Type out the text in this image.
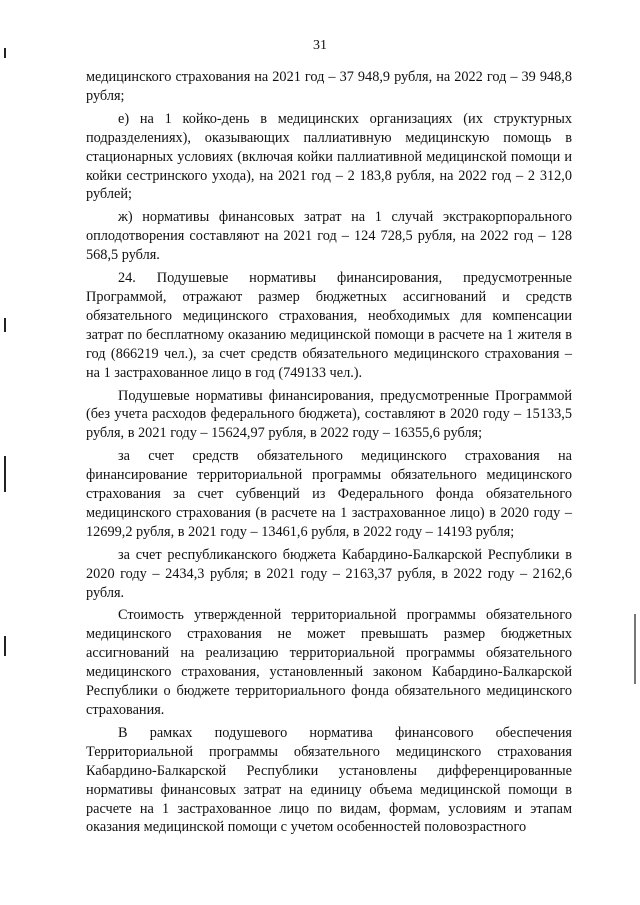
31

медицинского страхования на 2021 год – 37 948,9 рубля, на 2022 год – 39 948,8 рубля;

е) на 1 койко-день в медицинских организациях (их структурных подразделениях), оказывающих паллиативную медицинскую помощь в стационарных условиях (включая койки паллиативной медицинской помощи и койки сестринского ухода), на 2021 год – 2 183,8 рубля, на 2022 год – 2 312,0 рублей;

ж) нормативы финансовых затрат на 1 случай экстракорпорального оплодотворения составляют на 2021 год – 124 728,5 рубля, на 2022 год – 128 568,5 рубля.

24. Подушевые нормативы финансирования, предусмотренные Программой, отражают размер бюджетных ассигнований и средств обязательного медицинского страхования, необходимых для компенсации затрат по бесплатному оказанию медицинской помощи в расчете на 1 жителя в год (866219 чел.), за счет средств обязательного медицинского страхования – на 1 застрахованное лицо в год (749133 чел.).

Подушевые нормативы финансирования, предусмотренные Программой (без учета расходов федерального бюджета), составляют в 2020 году – 15133,5 рубля, в 2021 году – 15624,97 рубля, в 2022 году – 16355,6 рубля;

за счет средств обязательного медицинского страхования на финансирование территориальной программы обязательного медицинского страхования за счет субвенций из Федерального фонда обязательного медицинского страхования (в расчете на 1 застрахованное лицо) в 2020 году – 12699,2 рубля, в 2021 году – 13461,6 рубля, в 2022 году – 14193 рубля;

за счет республиканского бюджета Кабардино-Балкарской Республики в 2020 году – 2434,3 рубля; в 2021 году – 2163,37 рубля, в 2022 году – 2162,6 рубля.

Стоимость утвержденной территориальной программы обязательного медицинского страхования не может превышать размер бюджетных ассигнований на реализацию территориальной программы обязательного медицинского страхования, установленный законом Кабардино-Балкарской Республики о бюджете территориального фонда обязательного медицинского страхования.

В рамках подушевого норматива финансового обеспечения Территориальной программы обязательного медицинского страхования Кабардино-Балкарской Республики установлены дифференцированные нормативы финансовых затрат на единицу объема медицинской помощи в расчете на 1 застрахованное лицо по видам, формам, условиям и этапам оказания медицинской помощи с учетом особенностей половозрастного
